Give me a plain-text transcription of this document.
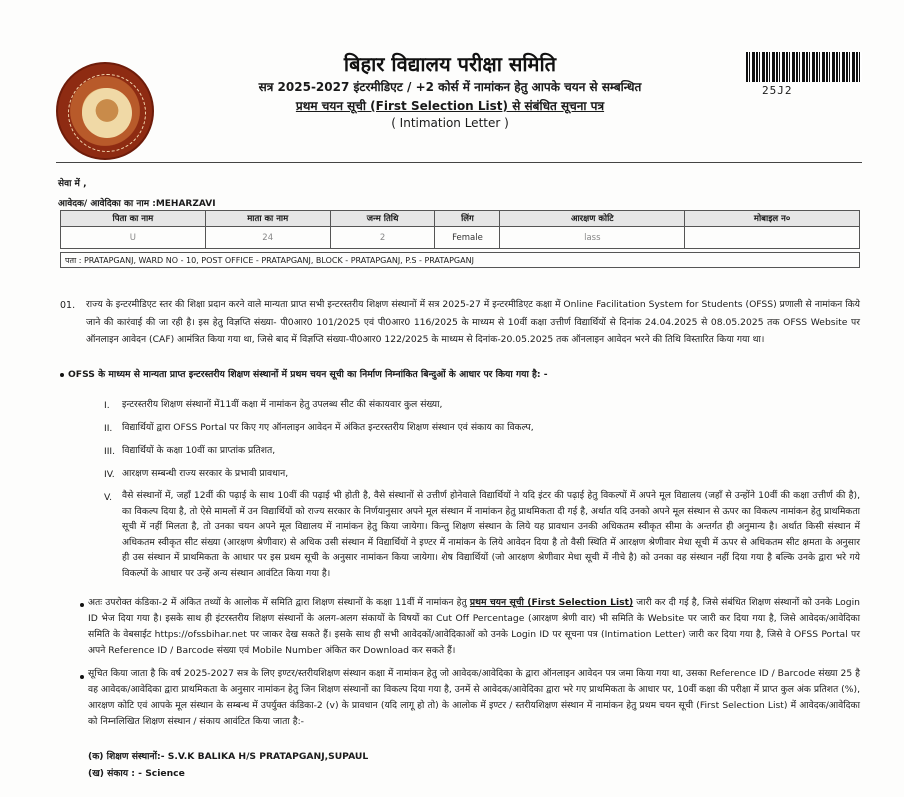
बिहार विद्यालय परीक्षा समिति
सत्र 2025-2027 इंटरमीडिएट / +2 कोर्स में नामांकन हेतु आपके चयन से सम्बन्धित
प्रथम चयन सूची (First Selection List) से संबंधित सूचना पत्र
( Intimation Letter )
25J2
सेवा में ,
आवेदक/ आवेदिका का नाम :MEHARZAVI
पिता का नाम	माता का नाम	जन्म तिथि	लिंग	आरक्षण कोटि	मोबाइल न०
U	24	2	Female	lass	
पता : PRATAPGANJ, WARD NO - 10, POST OFFICE - PRATAPGANJ, BLOCK - PRATAPGANJ, P.S - PRATAPGANJ
01. राज्य के इन्टरमीडिएट स्तर की शिक्षा प्रदान करने वाले मान्यता प्राप्त सभी इन्टरस्तरीय शिक्षण संस्थानों में सत्र 2025-27 में इन्टरमीडिएट कक्षा में Online Facilitation System for Students (OFSS) प्रणाली से नामांकन किये जाने की कारंवाई की जा रही है। इस हेतु विज्ञप्ति संख्या- पी0आर0 101/2025 एवं पी0आर0 116/2025 के माध्यम से 10वीं कक्षा उत्तीर्ण विद्यार्थियों से दिनांक 24.04.2025 से 08.05.2025 तक OFSS Website पर ऑनलाइन आवेदन (CAF) आमंत्रित किया गया था, जिसे बाद में विज्ञप्ति संख्या-पी0आर0 122/2025 के माध्यम से दिनांक-20.05.2025 तक ऑनलाइन आवेदन भरने की तिथि विस्तारित किया गया था।
OFSS के माध्यम से मान्यता प्राप्त इन्टरस्तरीय शिक्षण संस्थानों में प्रथम चयन सूची का निर्माण निम्नांकित बिन्दुओं के आधार पर किया गया है: -
I. इन्टरस्तरीय शिक्षण संस्थानों में11वीं कक्षा में नामांकन हेतु उपलब्ध सीट की संकायवार कुल संख्या,
II. विद्यार्थियों द्वारा OFSS Portal पर किए गए ऑनलाइन आवेदन में अंकित इन्टरस्तरीय शिक्षण संस्थान एवं संकाय का विकल्प,
III. विद्यार्थियों के कक्षा 10वीं का प्राप्तांक प्रतिशत,
IV. आरक्षण सम्बन्धी राज्य सरकार के प्रभावी प्रावधान,
V. वैसे संस्थानों में, जहाँ 12वीं की पढ़ाई के साथ 10वीं की पढ़ाई भी होती है, वैसे संस्थानों से उत्तीर्ण होनेवाले विद्यार्थियों ने यदि इंटर की पढ़ाई हेतु विकल्पों में अपने मूल विद्यालय (जहाँ से उन्होंने 10वीं की कक्षा उत्तीर्ण की है), का विकल्प दिया है, तो ऐसे मामलों में उन विद्यार्थियों को राज्य सरकार के निर्णयानुसार अपने मूल संस्थान में नामांकन हेतु प्राथमिकता दी गई है, अर्थात यदि उनको अपने मूल संस्थान से ऊपर का विकल्प नामांकन हेतु प्राथमिकता सूची में नहीं मिलता है, तो उनका चयन अपने मूल विद्यालय में नामांकन हेतु किया जायेगा। किन्तु शिक्षण संस्थान के लिये यह प्रावधान उनकी अधिकतम स्वीकृत सीमा के अन्तर्गत ही अनुमान्य है। अर्थात किसी संस्थान में अधिकतम स्वीकृत सीट संख्या (आरक्षण श्रेणीवार) से अधिक उसी संस्थान में विद्यार्थियों ने इण्टर में नामांकन के लिये आवेदन दिया है तो वैसी स्थिति में आरक्षण श्रेणीवार मेधा सूची में ऊपर से अधिकतम सीट क्षमता के अनुसार ही उस संस्थान में प्राथमिकता के आधार पर इस प्रथम सूची के अनुसार नामांकन किया जायेगा। शेष विद्यार्थियों (जो आरक्षण श्रेणीवार मेधा सूची में नीचे है) को उनका वह संस्थान नहीं दिया गया है बल्कि उनके द्वारा भरे गये विकल्पों के आधार पर उन्हें अन्य संस्थान आवंटित किया गया है।
अतः उपरोक्त कंडिका-2 में अंकित तथ्यों के आलोक में समिति द्वारा शिक्षण संस्थानों के कक्षा 11वीं में नामांकन हेतु प्रथम चयन सूची (First Selection List) जारी कर दी गई है, जिसे संबंधित शिक्षण संस्थानों को उनके Login ID भेज दिया गया है। इसके साथ ही इंटरस्तरीय शिक्षण संस्थानों के अलग-अलग संकायों के विषयों का Cut Off Percentage (आरक्षण श्रेणी वार) भी समिति के Website पर जारी कर दिया गया है, जिसे आवेदक/आवेदिका समिति के वेबसाईट https://ofssbihar.net पर जाकर देख सकते हैं। इसके साथ ही सभी आवेदकों/आवेदिकाओं को उनके Login ID पर सूचना पत्र (Intimation Letter) जारी कर दिया गया है, जिसे वे OFSS Portal पर अपने Reference ID / Barcode संख्या एवं Mobile Number अंकित कर Download कर सकते हैं।
सूचित किया जाता है कि वर्ष 2025-2027 सत्र के लिए इण्टर/स्तरीयशिक्षण संस्थान कक्षा में नामांकन हेतु जो आवेदक/आवेदिका के द्वारा ऑनलाइन आवेदन पत्र जमा किया गया था, उसका Reference ID / Barcode संख्या 25 है वह आवेदक/आवेदिका द्वारा प्राथमिकता के अनुसार नामांकन हेतु जिन शिक्षण संस्थानों का विकल्प दिया गया है, उनमें से आवेदक/आवेदिका द्वारा भरे गए प्राथमिकता के आधार पर, 10वीं कक्षा की परीक्षा में प्राप्त कुल अंक प्रतिशत (%), आरक्षण कोटि एवं आपके मूल संस्थान के सम्बन्ध में उपर्युक्त कंडिका-2 (v) के प्रावधान (यदि लागू हो तो) के आलोक में इण्टर / स्तरीयशिक्षण संस्थान में नामांकन हेतु प्रथम चयन सूची (First Selection List) में आवेदक/आवेदिका को निम्नलिखित शिक्षण संस्थान / संकाय आवंटित किया जाता है:-
(क) शिक्षण संस्थानों:- S.V.K BALIKA H/S PRATAPGANJ,SUPAUL
(ख) संकाय : - Science
